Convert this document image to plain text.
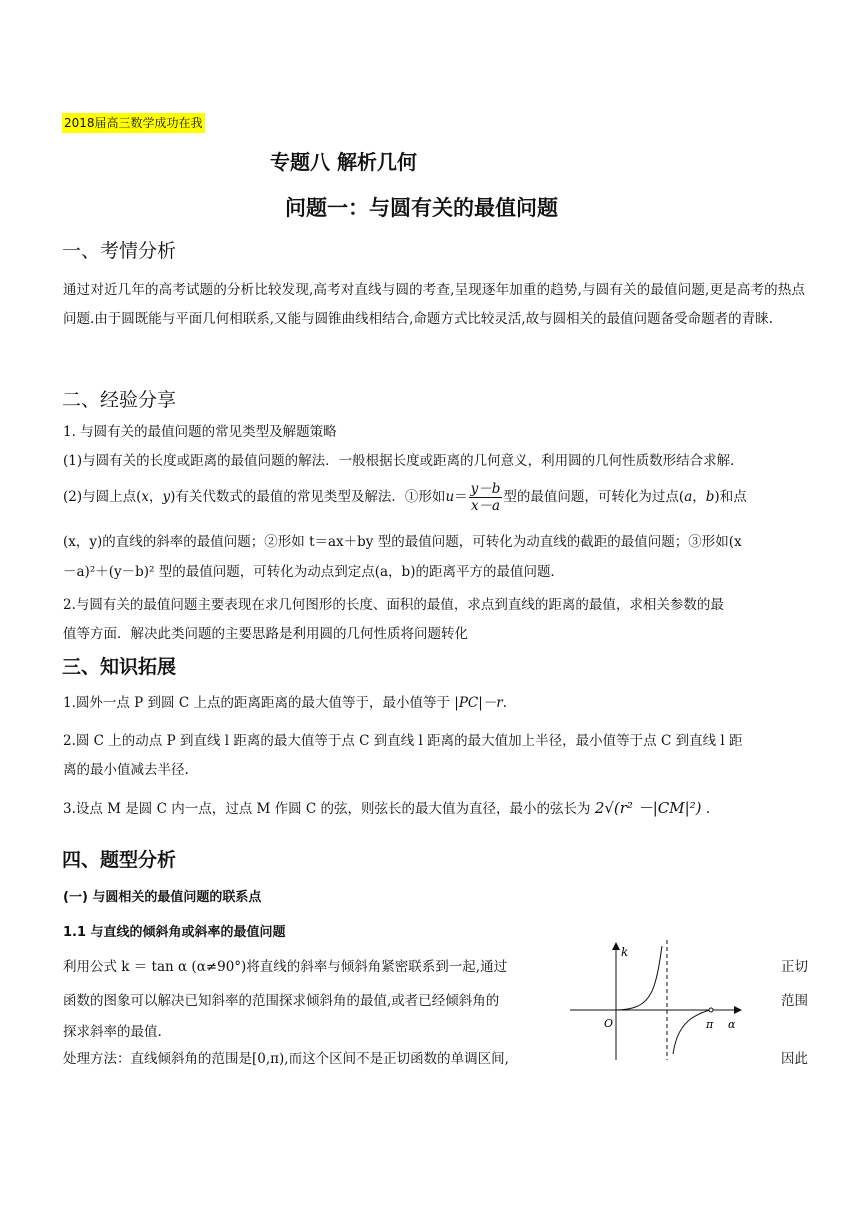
2018届高三数学成功在我
专题八 解析几何
问题一：与圆有关的最值问题
一、考情分析
通过对近几年的高考试题的分析比较发现,高考对直线与圆的考查,呈现逐年加重的趋势,与圆有关的最值问题,更是高考的热点问题.由于圆既能与平面几何相联系,又能与圆锥曲线相结合,命题方式比较灵活,故与圆相关的最值问题备受命题者的青睐.
二、经验分享
1. 与圆有关的最值问题的常见类型及解题策略
(1)与圆有关的长度或距离的最值问题的解法．一般根据长度或距离的几何意义，利用圆的几何性质数形结合求解．
(2)与圆上点(x，y)有关代数式的最值的常见类型及解法．①形如$u= \frac{y-b}{x-a}$ 型的最值问题，可转化为过点(a，b)和点
(x，y)的直线的斜率的最值问题；②形如 t＝ax＋by 型的最值问题，可转化为动直线的截距的最值问题；③形如(x
－a)²＋(y－b)² 型的最值问题，可转化为动点到定点(a，b)的距离平方的最值问题．
2.与圆有关的最值问题主要表现在求几何图形的长度、面积的最值，求点到直线的距离的最值，求相关参数的最
值等方面．解决此类问题的主要思路是利用圆的几何性质将问题转化
三、知识拓展
1.圆外一点 P 到圆 C 上点的距离距离的最大值等于，最小值等于 |PC|－r.
2.圆 C 上的动点 P 到直线 l 距离的最大值等于点 C 到直线 l 距离的最大值加上半径，最小值等于点 C 到直线 l 距
离的最小值减去半径.
3.设点 M 是圆 C 内一点，过点 M 作圆 C 的弦，则弦长的最大值为直径，最小的弦长为 2√(r² －|CM|²) .
四、题型分析
(一) 与圆相关的最值问题的联系点
1.1 与直线的倾斜角或斜率的最值问题
利用公式 k ＝ tan α (α≠90°)将直线的斜率与倾斜角紧密联系到一起,通过	正切
函数的图象可以解决已知斜率的范围探求倾斜角的最值,或者已经倾斜角的	范围
探求斜率的最值.
处理方法：直线倾斜角的范围是[0,π),而这个区间不是正切函数的单调区间,	因此
k
O	π α
